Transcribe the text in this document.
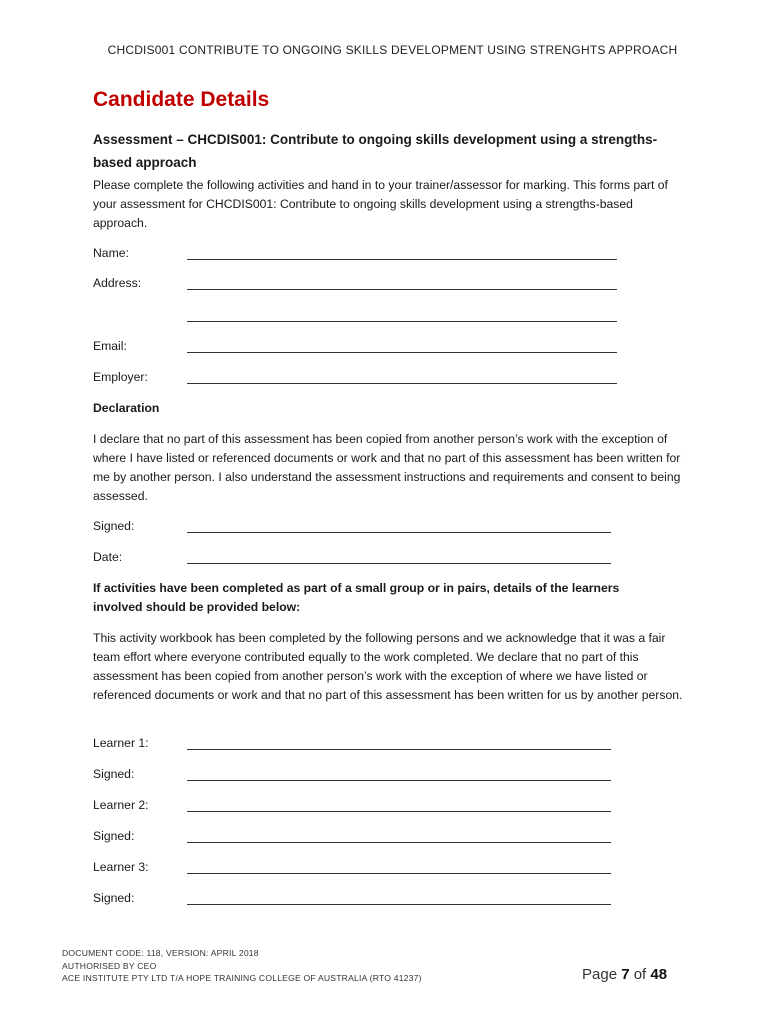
CHCDIS001 CONTRIBUTE TO ONGOING SKILLS DEVELOPMENT USING STRENGHTS APPROACH
Candidate Details
Assessment – CHCDIS001: Contribute to ongoing skills development using a strengths-based approach
Please complete the following activities and hand in to your trainer/assessor for marking. This forms part of your assessment for CHCDIS001: Contribute to ongoing skills development using a strengths-based approach.
Name:
Address:
Email:
Employer:
Declaration
I declare that no part of this assessment has been copied from another person’s work with the exception of where I have listed or referenced documents or work and that no part of this assessment has been written for me by another person. I also understand the assessment instructions and requirements and consent to being assessed.
Signed:
Date:
If activities have been completed as part of a small group or in pairs, details of the learners involved should be provided below:
This activity workbook has been completed by the following persons and we acknowledge that it was a fair team effort where everyone contributed equally to the work completed. We declare that no part of this assessment has been copied from another person’s work with the exception of where we have listed or referenced documents or work and that no part of this assessment has been written for us by another person.
Learner 1:
Signed:
Learner 2:
Signed:
Learner 3:
Signed:
DOCUMENT CODE: 118, VERSION: APRIL 2018
AUTHORISED BY CEO
ACE INSTITUTE PTY LTD T/A HOPE TRAINING COLLEGE OF AUSTRALIA (RTO 41237)	Page 7 of 48
